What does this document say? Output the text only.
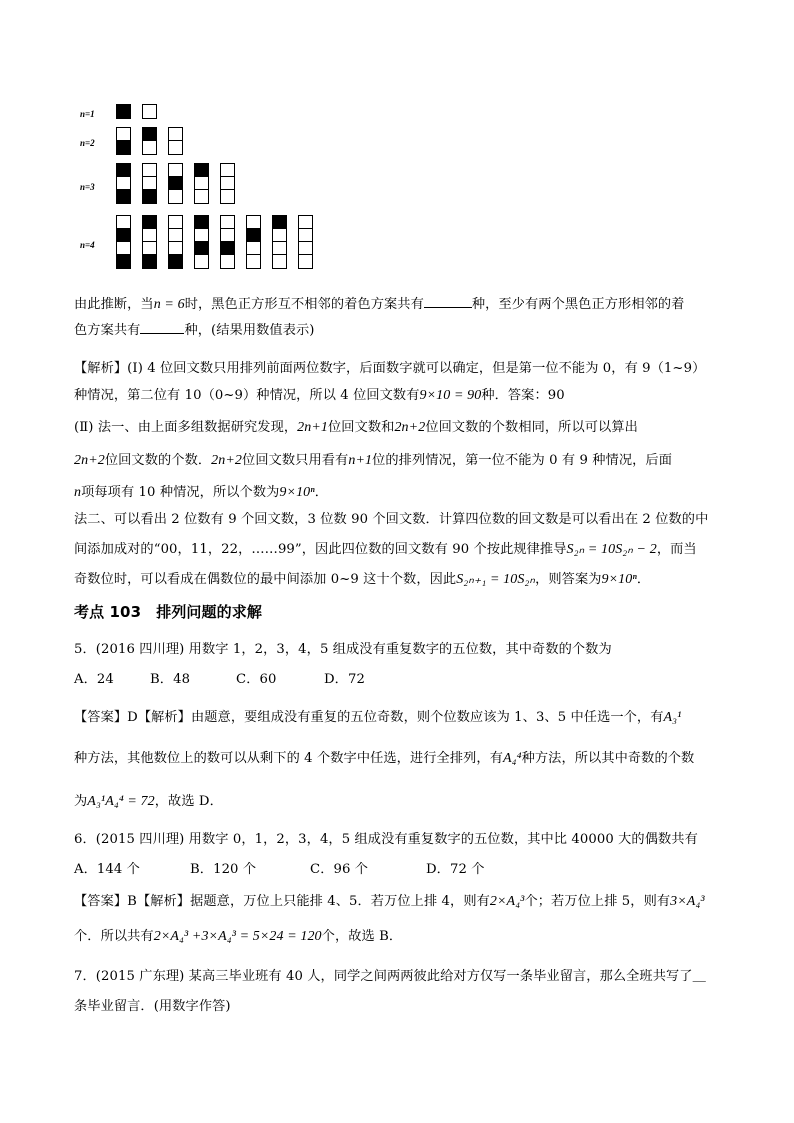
n=1
n=2
n=3
n=4
由此推断，当n = 6时，黑色正方形互不相邻的着色方案共有	种，至少有两个黑色正方形相邻的着
色方案共有	种，(结果用数值表示)
【解析】(Ⅰ) 4 位回文数只用排列前面两位数字，后面数字就可以确定，但是第一位不能为 0，有 9（1~9）
种情况，第二位有 10（0~9）种情况，所以 4 位回文数有9×10 = 90种．答案：90
(Ⅱ) 法一、由上面多组数据研究发现，2n+1位回文数和2n+2位回文数的个数相同，所以可以算出
2n+2位回文数的个数．2n+2位回文数只用看有n+1位的排列情况，第一位不能为 0 有 9 种情况，后面
n项每项有 10 种情况，所以个数为9×10ⁿ．
法二、可以看出 2 位数有 9 个回文数，3 位数 90 个回文数．计算四位数的回文数是可以看出在 2 位数的中
间添加成对的“00，11，22，……99”，因此四位数的回文数有 90 个按此规律推导S₂ₙ = 10S₂ₙ − 2，而当
奇数位时，可以看成在偶数位的最中间添加 0~9 这十个数，因此S₂ₙ₊₁ = 10S₂ₙ，则答案为9×10ⁿ．
考点 103　排列问题的求解
5．(2016 四川理) 用数字 1，2，3，4，5 组成没有重复数字的五位数，其中奇数的个数为
A．24	B．48	C．60	D．72
【答案】D【解析】由题意，要组成没有重复的五位奇数，则个位数应该为 1、3、5 中任选一个，有A₃¹
种方法，其他数位上的数可以从剩下的 4 个数字中任选，进行全排列，有A₄⁴种方法，所以其中奇数的个数
为A₃¹A₄⁴ = 72，故选 D．
6．(2015 四川理) 用数字 0，1，2，3，4，5 组成没有重复数字的五位数，其中比 40000 大的偶数共有
A．144 个	B．120 个	C．96 个	D．72 个
【答案】B【解析】据题意，万位上只能排 4、5．若万位上排 4，则有2×A₄³个；若万位上排 5，则有3×A₄³
个．所以共有2×A₄³ +3×A₄³ = 5×24 = 120个，故选 B．
7．(2015 广东理) 某高三毕业班有 40 人，同学之间两两彼此给对方仅写一条毕业留言，那么全班共写了＿
条毕业留言．(用数字作答)
